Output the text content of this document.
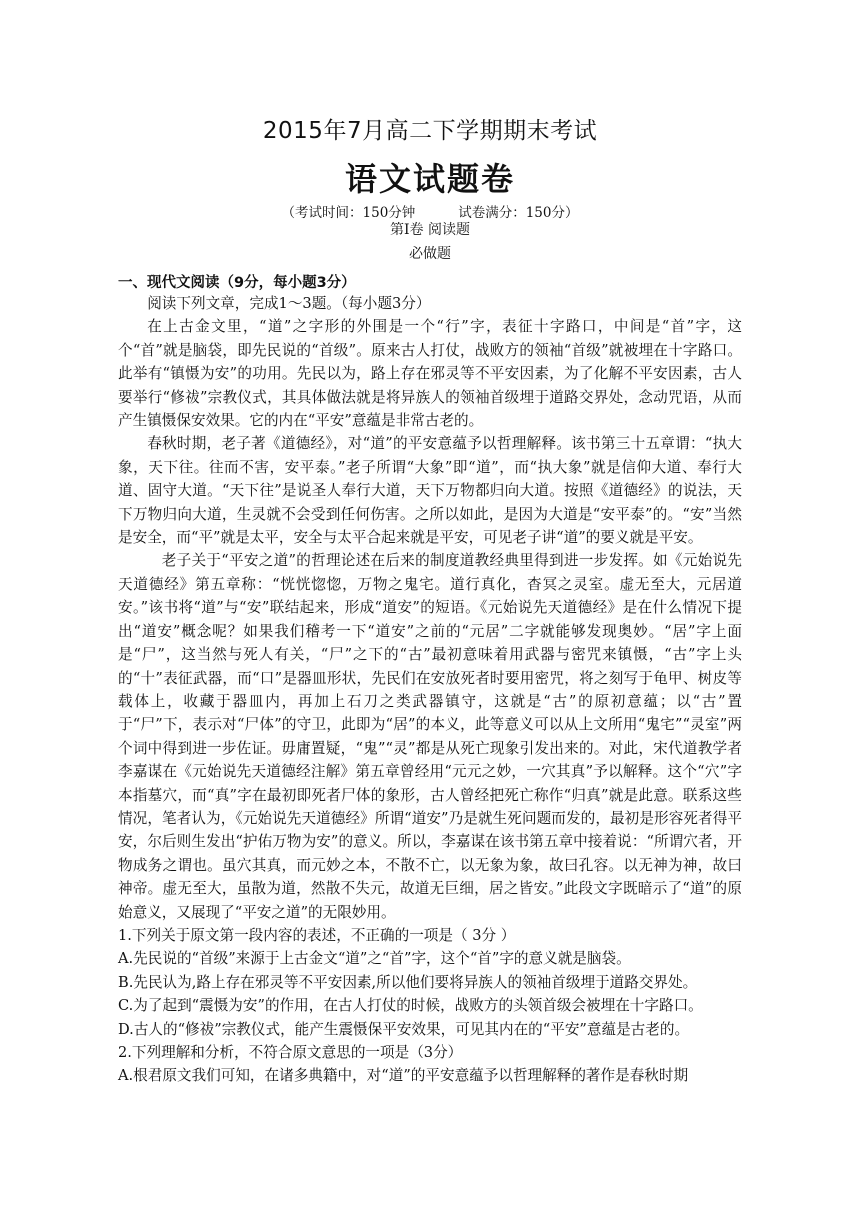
2015年7月高二下学期期末考试
语文试题卷
（考试时间：150分钟          试卷满分：150分）
第Ⅰ卷 阅读题
必做题
一、现代文阅读（9分，每小题3分）

阅读下列文章，完成1～3题。（每小题3分）

在上古金文里，“道”之字形的外围是一个“行”字，表征十字路口，中间是“首”字，这个“首”就是脑袋，即先民说的“首级”。原来古人打仗，战败方的领袖“首级”就被埋在十字路口。此举有“镇慑为安”的功用。先民以为，路上存在邪灵等不平安因素，为了化解不平安因素，古人要举行“修祓”宗教仪式，其具体做法就是将异族人的领袖首级埋于道路交界处，念动咒语，从而产生镇慑保安效果。它的内在“平安”意蕴是非常古老的。

春秋时期，老子著《道德经》，对“道”的平安意蕴予以哲理解释。该书第三十五章谓：“执大象，天下往。往而不害，安平泰。”老子所谓“大象”即“道”，而“执大象”就是信仰大道、奉行大道、固守大道。“天下往”是说圣人奉行大道，天下万物都归向大道。按照《道德经》的说法，天下万物归向大道，生灵就不会受到任何伤害。之所以如此，是因为大道是“安平泰”的。“安”当然是安全，而“平”就是太平，安全与太平合起来就是平安，可见老子讲“道”的要义就是平安。

老子关于“平安之道”的哲理论述在后来的制度道教经典里得到进一步发挥。如《元始说先天道德经》第五章称：“恍恍惚惚，万物之鬼宅。道行真化，杳冥之灵室。虚无至大，元居道安。”该书将“道”与“安”联结起来，形成“道安”的短语。《元始说先天道德经》是在什么情况下提出“道安”概念呢？如果我们稽考一下“道安”之前的“元居”二字就能够发现奥妙。“居”字上面是“尸”，这当然与死人有关，“尸”之下的“古”最初意味着用武器与密咒来镇慑，“古”字上头的“十”表征武器，而“口”是器皿形状，先民们在安放死者时要用密咒，将之刻写于龟甲、树皮等载体上，收藏于器皿内，再加上石刀之类武器镇守，这就是“古”的原初意蕴；以“古”置于“尸”下，表示对“尸体”的守卫，此即为“居”的本义，此等意义可以从上文所用“鬼宅”“灵室”两个词中得到进一步佐证。毋庸置疑，“鬼”“灵”都是从死亡现象引发出来的。对此，宋代道教学者李嘉谋在《元始说先天道德经注解》第五章曾经用“元元之妙，一穴其真”予以解释。这个“穴”字本指墓穴，而“真”字在最初即死者尸体的象形，古人曾经把死亡称作“归真”就是此意。联系这些情况，笔者认为，《元始说先天道德经》所谓“道安”乃是就生死问题而发的，最初是形容死者得平安，尔后则生发出“护佑万物为安”的意义。所以，李嘉谋在该书第五章中接着说：“所谓穴者，开物成务之谓也。虽穴其真，而元妙之本，不散不亡，以无象为象，故曰孔容。以无神为神，故曰神帝。虚无至大，虽散为道，然散不失元，故道无巨细，居之皆安。”此段文字既暗示了“道”的原始意义，又展现了“平安之道”的无限妙用。

1.下列关于原文第一段内容的表述，不正确的一项是（ 3分 ）

A.先民说的“首级”来源于上古金文“道”之“首”字，这个“首”字的意义就是脑袋。

B.先民认为,路上存在邪灵等不平安因素,所以他们要将异族人的领袖首级埋于道路交界处。

C.为了起到“震慑为安”的作用，在古人打仗的时候，战败方的头领首级会被埋在十字路口。

D.古人的“修祓”宗教仪式，能产生震慑保平安效果，可见其内在的“平安”意蕴是古老的。

2.下列理解和分析，不符合原文意思的一项是（3分）

A.根君原文我们可知，在诸多典籍中，对“道”的平安意蕴予以哲理解释的著作是春秋时期
